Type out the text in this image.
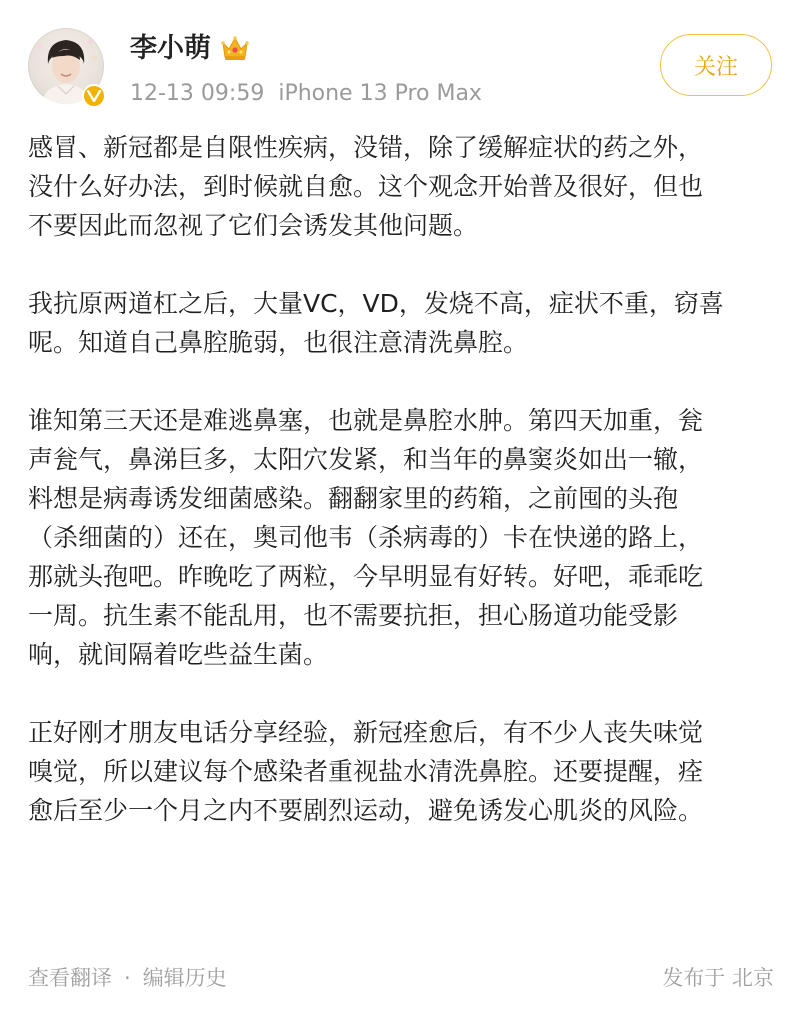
李小萌
12-13 09:59 iPhone 13 Pro Max
关注

感冒、新冠都是自限性疾病，没错，除了缓解症状的药之外，
没什么好办法，到时候就自愈。这个观念开始普及很好，但也
不要因此而忽视了它们会诱发其他问题。

我抗原两道杠之后，大量VC，VD，发烧不高，症状不重，窃喜
呢。知道自己鼻腔脆弱，也很注意清洗鼻腔。

谁知第三天还是难逃鼻塞，也就是鼻腔水肿。第四天加重，瓮
声瓮气，鼻涕巨多，太阳穴发紧，和当年的鼻窦炎如出一辙，
料想是病毒诱发细菌感染。翻翻家里的药箱，之前囤的头孢
（杀细菌的）还在，奥司他韦（杀病毒的）卡在快递的路上，
那就头孢吧。昨晚吃了两粒，今早明显有好转。好吧，乖乖吃
一周。抗生素不能乱用，也不需要抗拒，担心肠道功能受影
响，就间隔着吃些益生菌。

正好刚才朋友电话分享经验，新冠痊愈后，有不少人丧失味觉
嗅觉，所以建议每个感染者重视盐水清洗鼻腔。还要提醒，痊
愈后至少一个月之内不要剧烈运动，避免诱发心肌炎的风险。

查看翻译 · 编辑历史	发布于 北京
